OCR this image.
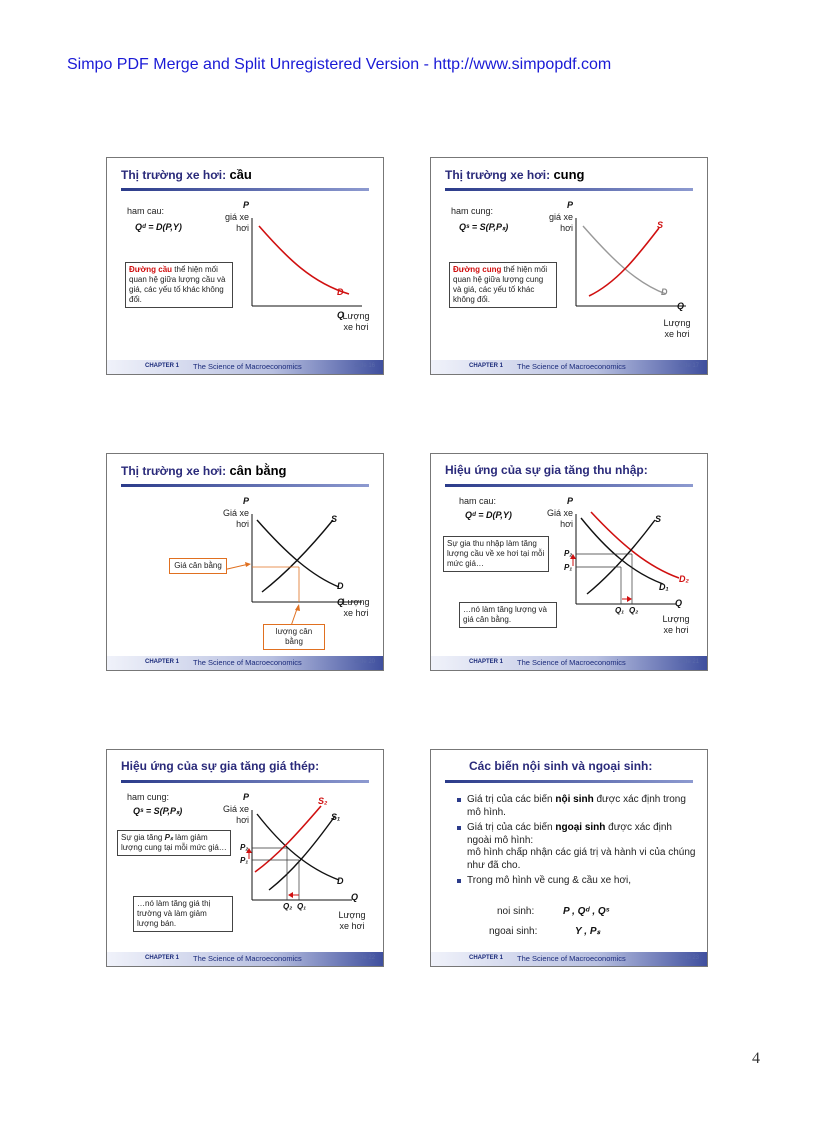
Simpo PDF Merge and Split Unregistered Version - http://www.simpopdf.com
Thị trường xe hơi: cầu
ham cau:
Qᵈ = D(P,Y)
P
giá xe
hơi
D
Q
Lượng
xe hơi
Đường cầu thể hiện mối quan hệ giữa lượng cầu và giá, các yếu tố khác không đổi.
CHAPTER 1 The Science of Macroeconomics	slide 16
Thị trường xe hơi: cung
ham cung:
Qˢ = S(P,Pₛ)
P
giá xe
hơi	S
D
Q
Lượng
xe hơi
Đường cung thể hiện mối quan hệ giữa lượng cung và giá, các yếu tố khác không đổi.
CHAPTER 1 The Science of Macroeconomics	slide 17
Thị trường xe hơi: cân bằng
P
Giá xe
hơi	S
D
Q
Lượng
xe hơi
Giá cân bằng
lượng cân bằng
CHAPTER 1 The Science of Macroeconomics	slide 20
Hiệu ứng của sự gia tăng thu nhập:
ham cau:
Qᵈ = D(P,Y)
P
Giá xe
hơi
P₂
P₁
Q₁ Q₂
S
D₁
D₂
Q
Lượng
xe hơi
Sự gia thu nhập làm tăng lượng cầu về xe hơi tại mỗi mức giá…
…nó làm tăng lượng và giá cân bằng.
CHAPTER 1 The Science of Macroeconomics	slide 21
Hiệu ứng của sự gia tăng giá thép:
ham cung:
Qˢ = S(P,Pₛ)
P
Giá xe
hơi
P₂
P₁
Q₂ Q₁
S₂
S₁
D
Q
Lượng
xe hơi
Sự gia tăng Pₛ làm giảm lượng cung tại mỗi mức giá…
…nó làm tăng giá thị trường và làm giảm lượng bán.
CHAPTER 1 The Science of Macroeconomics	slide 22
Các biến nội sinh và ngoại sinh:
Giá trị của các biến nội sinh được xác định trong mô hình.
Giá trị của các biến ngoại sinh được xác định ngoài mô hình:
mô hình chấp nhận các giá trị và hành vi của chúng như đã cho.
Trong mô hình về cung & cầu xe hơi,
noi sinh:	P , Qᵈ , Qˢ
ngoai sinh:	Y , Pₛ
CHAPTER 1 The Science of Macroeconomics	slide 23
4
